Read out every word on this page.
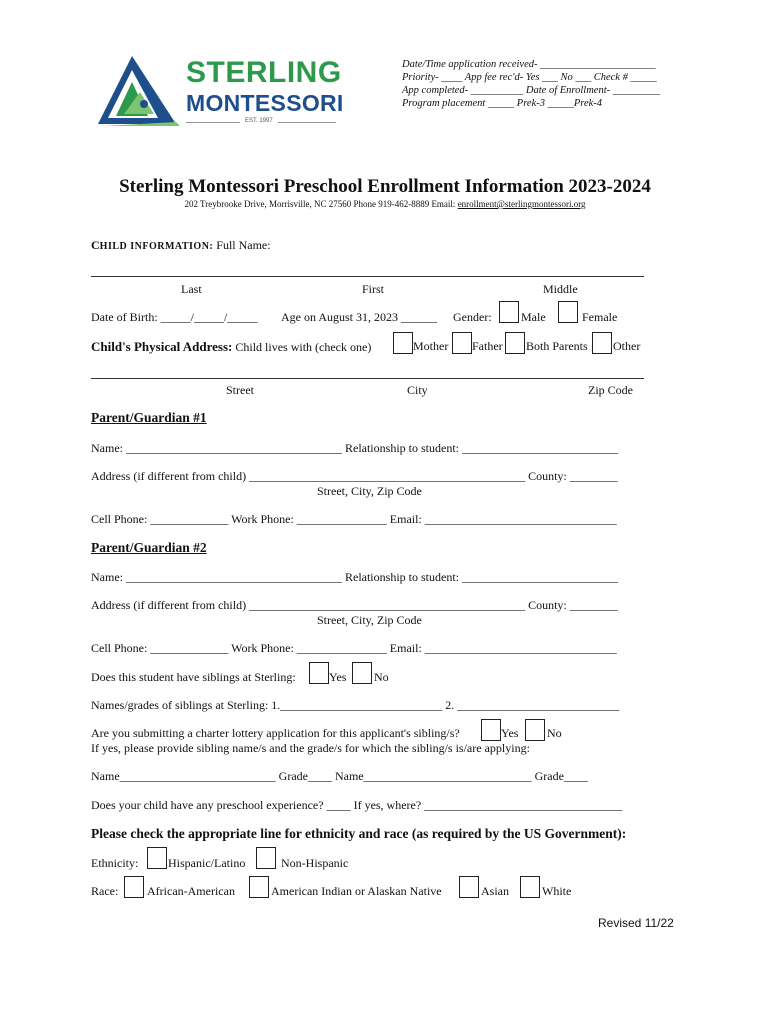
STERLING
MONTESSORI
EST. 1997
Date/Time application received- ______________________
Priority- ____ App fee rec'd- Yes ___ No ___ Check # _____
App completed- __________ Date of Enrollment- _________
Program placement _____ Prek-3 _____Prek-4
Sterling Montessori Preschool Enrollment Information 2023-2024
202 Treybrooke Drive, Morrisville, NC 27560 Phone 919-462-8889 Email: enrollment@sterlingmontessori.org
CHILD INFORMATION: Full Name:
Last	First	Middle
Date of Birth: _____/_____/_____ Age on August 31, 2023 ______ Gender: Male	Female
Child's Physical Address: Child lives with (check one)	Mother Father Both Parents Other
Street	City	Zip Code
Parent/Guardian #1
Name: ____________________________________ Relationship to student: __________________________
Address (if different from child) ______________________________________________ County: ________
Street, City, Zip Code
Cell Phone: _____________ Work Phone: _______________ Email: ________________________________
Parent/Guardian #2
Name: ____________________________________ Relationship to student: __________________________
Address (if different from child) ______________________________________________ County: ________
Street, City, Zip Code
Cell Phone: _____________ Work Phone: _______________ Email: ________________________________
Does this student have siblings at Sterling:	Yes No
Names/grades of siblings at Sterling: 1.___________________________ 2. ___________________________
Are you submitting a charter lottery application for this applicant's sibling/s?	Yes No
If yes, please provide sibling name/s and the grade/s for which the sibling/s is/are applying:
Name__________________________ Grade____ Name____________________________ Grade____
Does your child have any preschool experience? ____ If yes, where? _________________________________
Please check the appropriate line for ethnicity and race (as required by the US Government):
Ethnicity: Hispanic/Latino	Non-Hispanic
Race: African-American	American Indian or Alaskan Native	Asian	White
Revised 11/22
